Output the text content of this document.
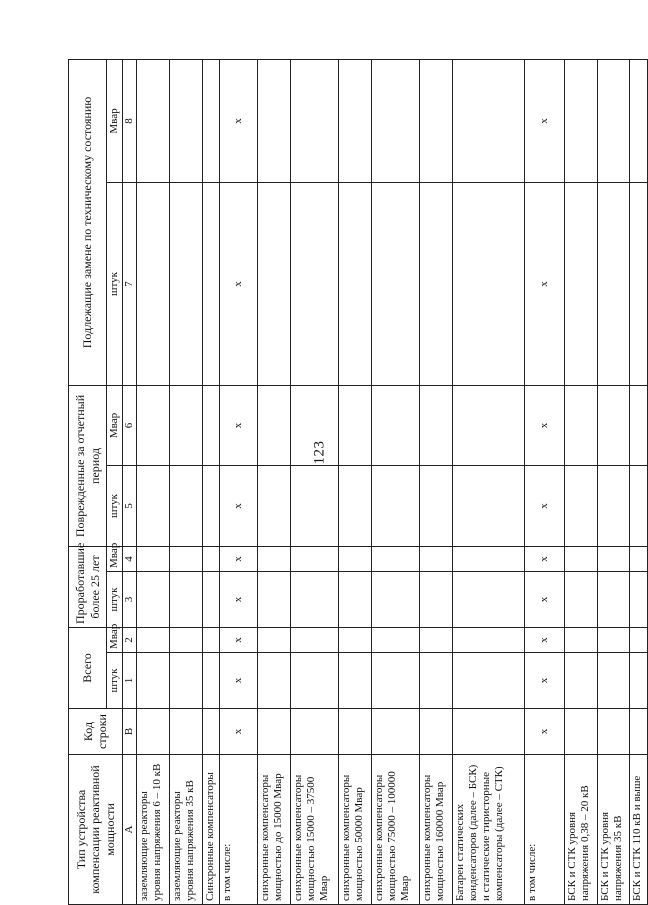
123
Тип устройства компенсации реактивной мощности	Код строки	Всего		Проработавшие более 25 лет		Поврежденные за отчетный период		Подлежащие замене по техническому состоянию	
		штук	Мвар	штук	Мвар	штук	Мвар	штук	Мвар
А	В	1	2	3	4	5	6	7	8
заземляющие реакторы уровня напряжения 6 – 10 кВ									
заземляющие реакторы уровня напряжения 35 кВ									
Синхронные компенсаторы									
в том числе:	х	х	х	х	х	х	х	х	х
синхронные компенсаторы мощностью до 15000 Мвар									
синхронные компенсаторы мощностью 15000 – 37500 Мвар									
синхронные компенсаторы мощностью 50000 Мвар									
синхронные компенсаторы мощностью 75000 – 100000 Мвар									
синхронные компенсаторы мощностью 160000 Мвар									
Батареи статических конденсаторов (далее – БСК) и статические тиристорные компенсаторы (далее – СТК)									
в том числе:	х	х	х	х	х	х	х	х	х
БСК и СТК уровня напряжения 0,38 – 20 кВ									
БСК и СТК уровня напряжения 35 кВ									
БСК и СТК 110 кВ и выше									
